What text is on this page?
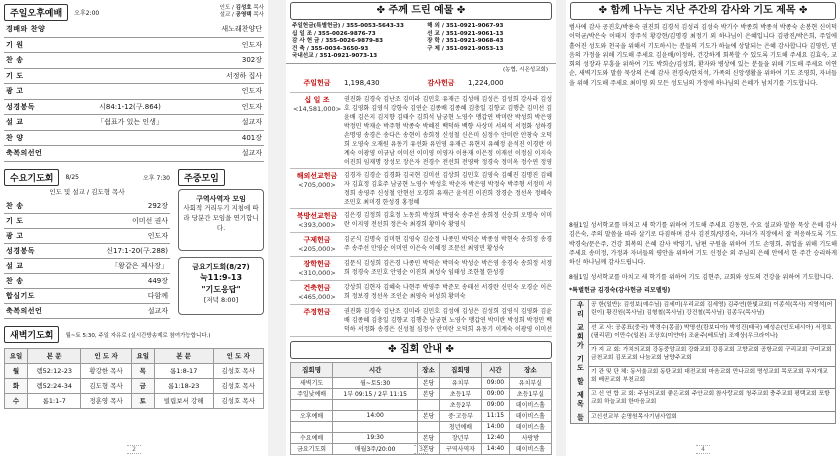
주일오후예배	오후2:00
인도 / 김성호 목사
설교 / 공영택 목사
경배와 찬양	새노래찬양단
기 원	인도자
찬 송	302장
기 도	서정하 집사
광 고	인도자
성경봉독	시84:1-12(구.864)	인도자
설 교	「쉼표가 있는 인생」	설교자
찬 양	401장
축복의선언	설교자
수요기도회	8/25	오후 7:30
인도 및 설교 / 김도형 목사
찬 송	292장
기 도	이미선 권사
광 고	인도자
성경봉독	신17:1-20(구.288)
설 교	「왕같은 제사장」
찬 송	449장
합심기도	다함께
축복의선언	설교자
주중모임
구역사역자 모임
사회적 거리두기 지침에 따라 당분간 모임을 연기합니다.
금요기도회(8/27)
눅11:9-13
"기도응답"
[저녁 8:00]
새벽기도회	월~토 5:30, 주일 자유로 (실시간방송제로 참여가능합니다.)
요일	본 문	인 도 자	요일	본 문	인 도 자
월	렘52:12-23	황강한 목사	목	롬1:8-17	김성호 목사
화	렘52:24-34	김도형 목사	금	롬1:18-23	김성호 목사
수	롬1:1-7	정훈영 목사	토	빌립보서 강해	김성호 목사
2
✤ 주께 드린 예물 ✤
주일헌금(특별헌금) / 355-0053-5643-33
십 일 조 / 355-0026-9876-73
감 사 헌 금 / 355-0026-9879-83
건 축 / 355-0034-3650-93
국내선교 / 351-0921-9073-13
해 외 / 351-0921-9067-93
선 교 / 351-0921-9061-13
장 학 / 351-0921-9068-43
구 제 / 351-0921-9053-13
(농협, 시온성교회)
주일헌금	1,198,430	감사헌금	1,224,000
십 일 조
<14,581,000>
권진화 김경숙 김난조 김미라 김민호 유재근 김성애 김성은 김성희 강사라 김성호 김영화 김영식 강항숙 김연순 김종배 김종혜 김충일 김향교 김행춘 김미선 김윤배 김은지 김지향 김태수 김희석 남궁현 노영수 맹갑연 박미란 박성희 박은영 박정민 박재순 박주형 박종숙 박혜진 백덕하 백향 사상미 서의석 서정화 성하경 손명영 송경은 송다은 송현이 송희정 신성철 신은미 심정수 안미란 안창숙 오덕희 오영숙 오재원 유동기 유선화 유인영 유재근 유현지 유혜정 윤석진 이경란 이계숙 이광영 이규남 이미선 이미영 이영자 이용재 이은정 이재선 이정심 이지숙 이진희 임재명 장성모 장은자 전경수 전선희 전영락 정경숙 정미옥 정수연 정영
해외선교헌금
<705,000>
김경자 김경순 김경화 김국현 김미선 김상희 김민호 김영숙 김혜진 김명진 김혜자 김효정 김효주 남궁현 노영수 박성호 박순자 박은영 박정숙 박주형 서정미 서정희 송영주 신성철 안현선 오경희 유재근 윤석진 이진희 장경순 정선옥 정혜숙 조민호 최미경 한성경 홍정혜
북방선교헌금
<393,000>
김은경 김정희 김효정 노동희 박성희 박영숙 송주선 송희정 신승희 오명숙 이미란 이지영 전선희 정은숙 최경희 황미숙 황영식
구제헌금
<205,000>
김군식 김명숙 김미현 김영숙 김순정 나종민 박덕순 박종성 박현숙 송희정 송경주 송주선 안영순 이미연 이은숙 이혜정 조문선 최영민 황성숙
장학헌금
<310,000>
김문식 김성희 김은경 나종민 박덕순 박미숙 박성순 박은영 송경숙 송희정 서정희 정경숙 조민호 안영순 이진희 최성숙 임태성 조한철 한성경
건축헌금
<465,000>
강상희 김현자 김혜숙 나현주 박영주 박준모 송태선 서경란 신민숙 오경순 이은희 정보경 정선옥 조인순 최영숙 허성희 황미숙
주정헌금	권진화 김경숙 김난조 김미라 김민호 김성애 김성은 김성희 김영식 김영화 김윤배 김종혜 김충일 김향교 김행춘 남궁현 노영수 맹갑연 박미란 박성희 박정민 백덕하 서정화 송경은 신성철 심정수 안미란 오덕희 유동기 이계숙 이광영 이미선
✤ 집회 안내 ✤
집회명	시간	장소	집회명	시간	장소
새벽기도	월~토5:30	본당	유치부	09:00	유치부실
주일낮예배	1부 09:15 / 2부 11:15	본당	초등1부	09:00	초등1부실
			초등2부	09:00	데이비스홀
오후예배	14:00	본당	중·고등부	11:15	데이비스홀
			청년예배	14:00	데이비스홀
수요예배	19:30	본당	장년부	12:40	사랑방
금요기도회	매월3주/20:00	본당	구역사역자	14:40	데이비스홀
3
✤ 함께 나누는 지난 주간의 감사와 기도 제목 ✤
범사에 감사 공진호/박용숙 권진희 김경석 김성리 김성숙 박기수 박종희 박종석 박종숙 손봉현 신이덕 이덕균/박은숙 이태지 장주석 황강현/김명경 최정기 외 하나님이 은혜입니다 김광진/박은희, 주일에 흩어진 성도와 천국을 위해서 기도하시는 분들의 기도가 하늘에 상달되는 은혜 감사합니다 김영인, 믿음의 가정을 위해 기도해 주세요 김윤배/이정하, 건강하게 회복할 수 있도록 기도해 주세요 김효숙, 교회의 성장과 부흥을 위하여 기도 박희순/김성희, 환자와 병상에 있는 분들을 위해 기도해 주세요 이연순, 새벽기도와 말씀 묵상의 은혜 감사 전경숙/한치석, 가족의 신앙생활을 위하여 기도 조영희, 자녀들을 위해 기도해 주세요 최미영 외 모든 성도님의 가정에 하나님의 은혜가 넘치기를 기도합니다.
8월1일 성서학교를 마치고 새 학기를 위하여 기도해 주세요 김동현, 수요 설교와 말씀 묵상 은혜 감사 김은숙, 주의 말씀을 따라 살기로 다짐하며 감사 김진희/양경숙, 자녀가 직장에서 잘 적응하도록 기도 박경숙/문은주, 건강 회복의 은혜 감사 박영기, 남편 구원을 위하여 기도 손영희, 취업을 위해 기도해 주세요 송미정, 가정과 자녀들의 평안을 위하여 기도 신정순 외 주님의 은혜 안에서 한 주간 승리하게 하신 하나님께 감사드립니다.
8월1일 성서학교를 마치고 새 학기를 위하여 기도 김현주, 교회와 성도의 건강을 위하여 기도합니다.
*특별헌금 김경숙(감사헌금 리모델링)
우리 교회가 기도 할 제목 들	공 한(일반): 김성보(예수님) 김세미(우리교회 김세영) 김주연(한빛교회) 이종석(목사) 지영석(어린이) 황진원(목사님) 김형철(목사님) 강건철(목사님) 김종두(목사님)
선 교 사: 공종표(중국) 박경수(몽골) 박명선(캄보디아) 박성진(태국) 배성순(인도네시아) 서정호(필리핀) 이만수(일본) 조상호(미얀마) 조윤주(베트남) 조재상(우크라이나)
가 지 교 회: 가치의교회 강동중앙교회 강화교회 강릉교회 고향교회 공항교회 구리교회 구미교회 금천교회 김포교회 나눔교회 남양주교회
기 관 및 단 체: 동서울교회 동탄교회 대전교회 마음교회 만나교회 명성교회 목포교회 무지개교회 배곧교회 부천교회
고 신 연 합 교 회: 주님의교회 좋은교회 주안교회 참사랑교회 청주교회 충주교회 평택교회 포항교회 하늘교회 한마음교회
고신선교부 순명원목사기념사업회
4
